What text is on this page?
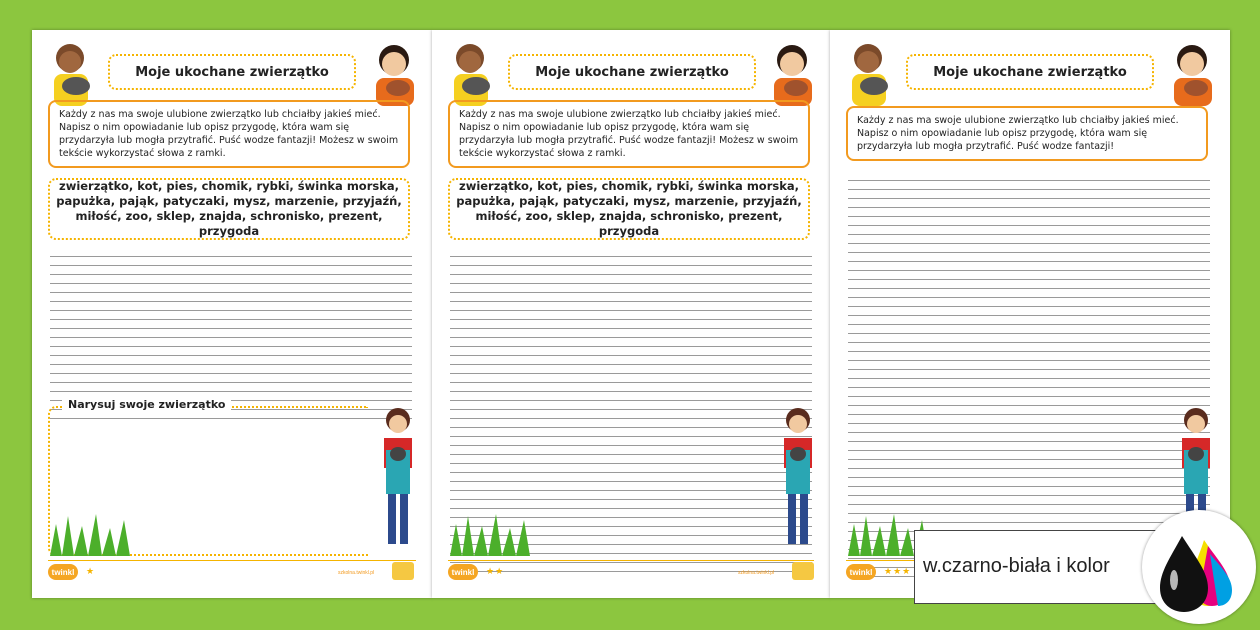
Moje ukochane zwierzątko
Każdy z nas ma swoje ulubione zwierzątko lub chciałby jakieś mieć. Napisz o nim opowiadanie lub opisz przygodę, która wam się przydarzyła lub mogła przytrafić. Puść wodze fantazji! Możesz w swoim tekście wykorzystać słowa z ramki.
zwierzątko, kot, pies, chomik, rybki, świnka morska, papużka, pająk, patyczaki, mysz, marzenie, przyjaźń, miłość, zoo, sklep, znajda, schronisko, prezent, przygoda
Narysuj swoje zwierzątko
twinkl	★	szkolna.twinkl.pl
Moje ukochane zwierzątko
Każdy z nas ma swoje ulubione zwierzątko lub chciałby jakieś mieć. Napisz o nim opowiadanie lub opisz przygodę, która wam się przydarzyła lub mogła przytrafić. Puść wodze fantazji! Możesz w swoim tekście wykorzystać słowa z ramki.
zwierzątko, kot, pies, chomik, rybki, świnka morska, papużka, pająk, patyczaki, mysz, marzenie, przyjaźń, miłość, zoo, sklep, znajda, schronisko, prezent, przygoda
twinkl	★★	szkolna.twinkl.pl
Moje ukochane zwierzątko
Każdy z nas ma swoje ulubione zwierzątko lub chciałby jakieś mieć. Napisz o nim opowiadanie lub opisz przygodę, która wam się przydarzyła lub mogła przytrafić. Puść wodze fantazji!
twinkl	★★★ w.czarno-biała i kolor
